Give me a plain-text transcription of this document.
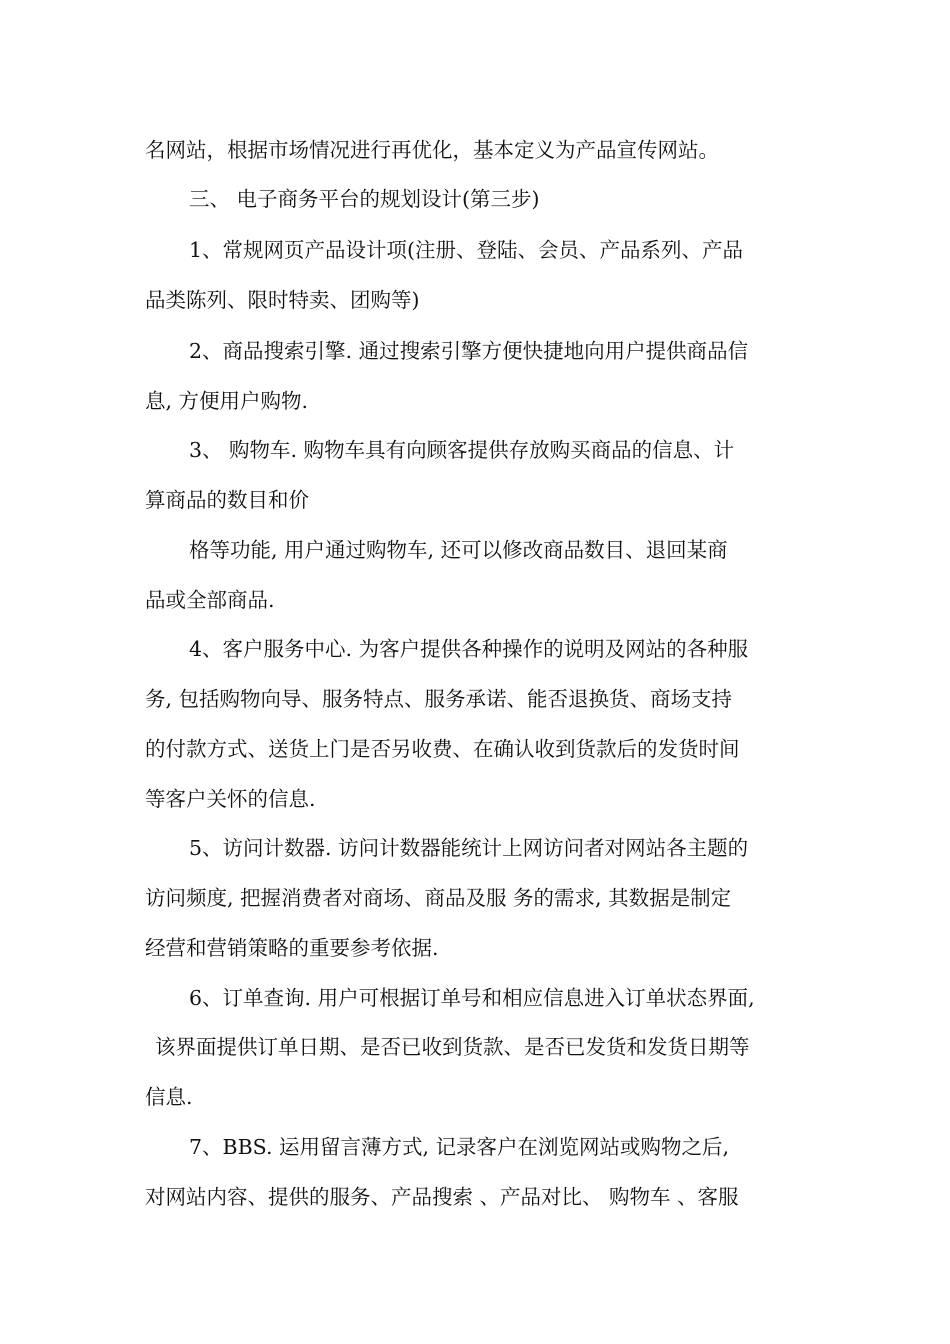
名网站，根据市场情况进行再优化，基本定义为产品宣传网站。
三、 电子商务平台的规划设计(第三步)
1、常规网页产品设计项(注册、登陆、会员、产品系列、产品
品类陈列、限时特卖、团购等)
2、商品搜索引擎. 通过搜索引擎方便快捷地向用户提供商品信
息, 方便用户购物.
3、 购物车. 购物车具有向顾客提供存放购买商品的信息、计
算商品的数目和价
格等功能, 用户通过购物车, 还可以修改商品数目、退回某商
品或全部商品.
4、客户服务中心. 为客户提供各种操作的说明及网站的各种服
务, 包括购物向导、服务特点、服务承诺、能否退换货、商场支持
的付款方式、送货上门是否另收费、在确认收到货款后的发货时间
等客户关怀的信息.
5、访问计数器. 访问计数器能统计上网访问者对网站各主题的
访问频度, 把握消费者对商场、商品及服 务的需求, 其数据是制定
经营和营销策略的重要参考依据.
6、订单查询. 用户可根据订单号和相应信息进入订单状态界面,
该界面提供订单日期、是否已收到货款、是否已发货和发货日期等
信息.
7、BBS. 运用留言薄方式, 记录客户在浏览网站或购物之后,
对网站内容、提供的服务、产品搜索 、产品对比、 购物车 、客服
